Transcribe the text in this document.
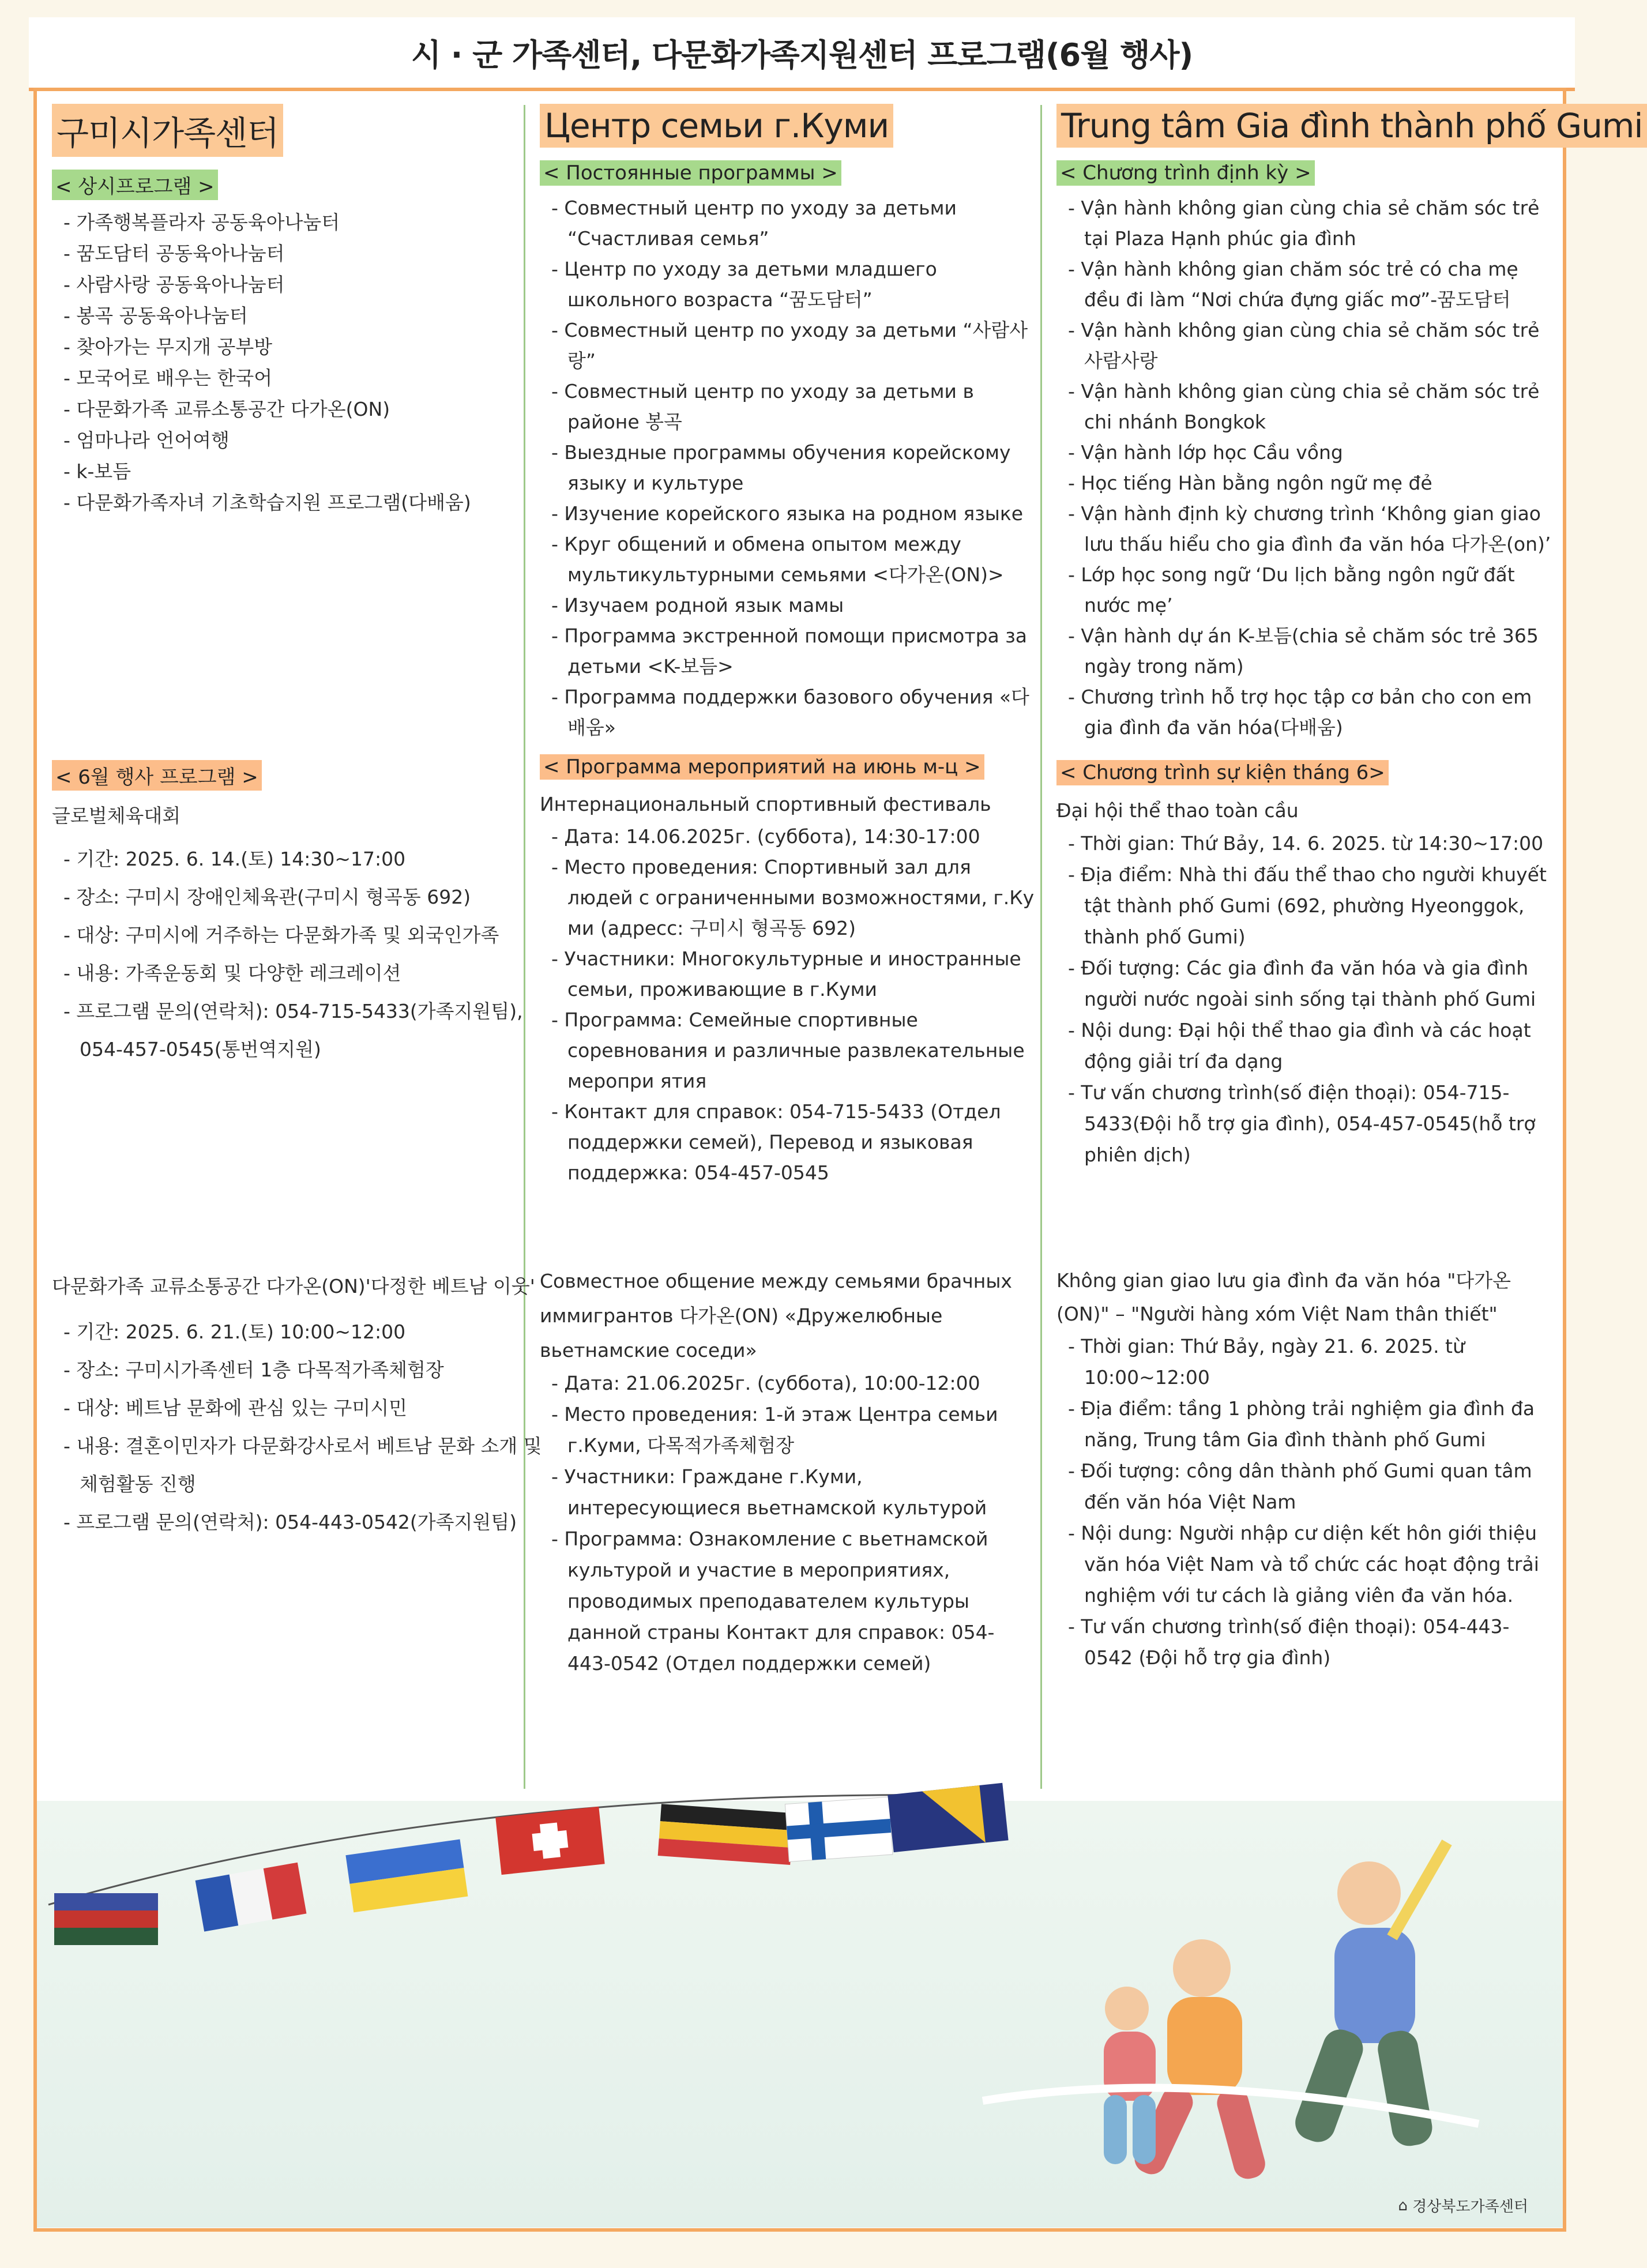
시 · 군 가족센터, 다문화가족지원센터 프로그램(6월 행사)
구미시가족센터
< 상시프로그램 >
- 가족행복플라자 공동육아나눔터
- 꿈도담터 공동육아나눔터
- 사람사랑 공동육아나눔터
- 봉곡 공동육아나눔터
- 찾아가는 무지개 공부방
- 모국어로 배우는 한국어
- 다문화가족 교류소통공간 다가온(ON)
- 엄마나라 언어여행
- k-보듬
- 다문화가족자녀 기초학습지원 프로그램(다배움)
< 6월 행사 프로그램 >

글로벌체육대회

- 기간: 2025. 6. 14.(토) 14:30~17:00
- 장소: 구미시 장애인체육관(구미시 형곡동 692)
- 대상: 구미시에 거주하는 다문화가족 및 외국인가족
- 내용: 가족운동회 및 다양한 레크레이션
- 프로그램 문의(연락처): 054-715-5433(가족지원팀), 054-457-0545(통번역지원)

다문화가족 교류소통공간 다가온(ON)'다정한 베트남 이웃'

- 기간: 2025. 6. 21.(토) 10:00~12:00
- 장소: 구미시가족센터 1층 다목적가족체험장
- 대상: 베트남 문화에 관심 있는 구미시민
- 내용: 결혼이민자가 다문화강사로서 베트남 문화 소개 및 체험활동 진행
- 프로그램 문의(연락처): 054-443-0542(가족지원팀)
Центр семьи г.Куми
< Постоянные программы >
- Совместный центр по уходу за детьми “Счастливая семья”
- Центр по уходу за детьми младшего школьного возраста “꿈도담터”
- Совместный центр по уходу за детьми “사람사랑”
- Совместный центр по уходу за детьми в районе 봉곡
- Выездные программы обучения корейскому языку и культуре
- Изучение корейского языка на родном языке
- Круг общений и обмена опытом между мультикультурными семьями <다가온(ON)>
- Изучаем родной язык мамы
- Программа экстренной помощи присмотра за детьми <K-보듬>
- Программа поддержки базового обучения «다배움»
< Программа мероприятий на июнь м-ц >

Интернациональный спортивный фестиваль

- Дата: 14.06.2025г. (суббота), 14:30-17:00
- Место проведения: Спортивный зал для людей с ограниченными возможностями, г.Ку ми (адресс: 구미시 형곡동 692)
- Участники: Многокультурные и иностранные семьи, проживающие в г.Куми
- Программа: Семейные спортивные соревнования и различные развлекательные меропри ятия
- Контакт для справок: 054-715-5433 (Отдел поддержки семей), Перевод и языковая поддержка: 054-457-0545

Совместное общение между семьями брачных иммигрантов 다가온(ON) «Дружелюбные вьетнамские соседи»

- Дата: 21.06.2025г. (суббота), 10:00-12:00
- Место проведения: 1-й этаж Центра семьи г.Куми, 다목적가족체험장
- Участники: Граждане г.Куми, интересующиеся вьетнамской культурой
- Программа: Ознакомление с вьетнамской культурой и участие в мероприятиях, проводимых преподавателем культуры данной страны Контакт для справок: 054-443-0542 (Отдел поддержки семей)
Trung tâm Gia đình thành phố Gumi
< Chương trình định kỳ >
- Vận hành không gian cùng chia sẻ chăm sóc trẻ tại Plaza Hạnh phúc gia đình
- Vận hành không gian chăm sóc trẻ có cha mẹ đều đi làm “Nơi chứa đựng giấc mơ”-꿈도담터
- Vận hành không gian cùng chia sẻ chăm sóc trẻ 사람사랑
- Vận hành không gian cùng chia sẻ chăm sóc trẻ chi nhánh Bongkok
- Vận hành lớp học Cầu vồng
- Học tiếng Hàn bằng ngôn ngữ mẹ đẻ
- Vận hành định kỳ chương trình ‘Không gian giao lưu thấu hiểu cho gia đình đa văn hóa 다가온(on)’
- Lớp học song ngữ ‘Du lịch bằng ngôn ngữ đất nước mẹ’
- Vận hành dự án K-보듬(chia sẻ chăm sóc trẻ 365 ngày trong năm)
- Chương trình hỗ trợ học tập cơ bản cho con em gia đình đa văn hóa(다배움)
< Chương trình sự kiện tháng 6>

Đại hội thể thao toàn cầu

- Thời gian: Thứ Bảy, 14. 6. 2025. từ 14:30~17:00
- Địa điểm: Nhà thi đấu thể thao cho người khuyết tật thành phố Gumi (692, phường Hyeonggok, thành phố Gumi)
- Đối tượng: Các gia đình đa văn hóa và gia đình người nước ngoài sinh sống tại thành phố Gumi
- Nội dung: Đại hội thể thao gia đình và các hoạt động giải trí đa dạng
- Tư vấn chương trình(số điện thoại): 054-715-5433(Đội hỗ trợ gia đình), 054-457-0545(hỗ trợ phiên dịch)

Không gian giao lưu gia đình đa văn hóa "다가온(ON)" – "Người hàng xóm Việt Nam thân thiết"

- Thời gian: Thứ Bảy, ngày 21. 6. 2025. từ 10:00~12:00
- Địa điểm: tầng 1 phòng trải nghiệm gia đình đa năng, Trung tâm Gia đình thành phố Gumi
- Đối tượng: công dân thành phố Gumi quan tâm đến văn hóa Việt Nam
- Nội dung: Người nhập cư diện kết hôn giới thiệu văn hóa Việt Nam và tổ chức các hoạt động trải nghiệm với tư cách là giảng viên đa văn hóa.
- Tư vấn chương trình(số điện thoại): 054-443-0542 (Đội hỗ trợ gia đình)
⌂ 경상북도가족센터
